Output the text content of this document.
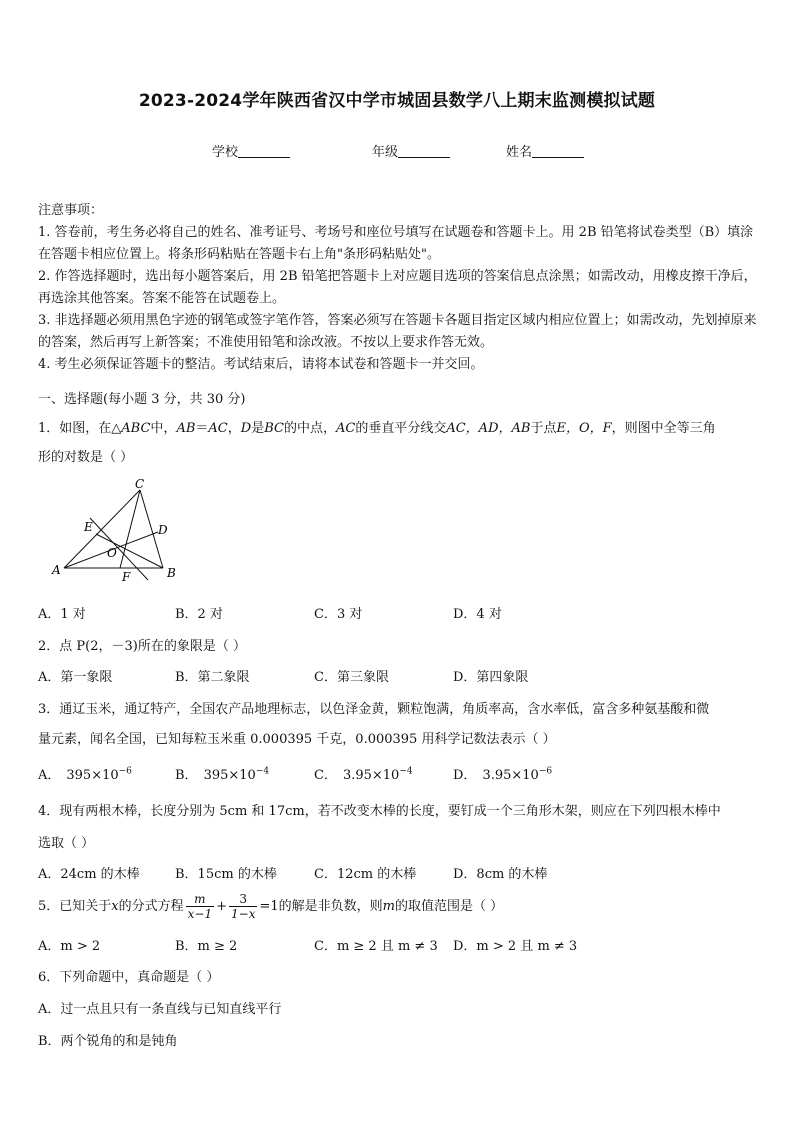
2023-2024学年陕西省汉中学市城固县数学八上期末监测模拟试题
学校	年级	姓名
注意事项：
1. 答卷前，考生务必将自己的姓名、准考证号、考场号和座位号填写在试题卷和答题卡上。用 2B 铅笔将试卷类型（B）填涂在答题卡相应位置上。将条形码粘贴在答题卡右上角"条形码粘贴处"。
2. 作答选择题时，选出每小题答案后，用 2B 铅笔把答题卡上对应题目选项的答案信息点涂黑；如需改动，用橡皮擦干净后，再选涂其他答案。答案不能答在试题卷上。
3. 非选择题必须用黑色字迹的钢笔或签字笔作答，答案必须写在答题卡各题目指定区域内相应位置上；如需改动，先划掉原来的答案，然后再写上新答案；不准使用铅笔和涂改液。不按以上要求作答无效。
4. 考生必须保证答题卡的整洁。考试结束后，请将本试卷和答题卡一并交回。
一、选择题(每小题 3 分，共 30 分)
1．如图，在△ABC中，AB＝AC，D是BC的中点，AC的垂直平分线交AC，AD，AB于点E，O，F，则图中全等三角
形的对数是（ ）
C
E	D
O
A	F	B
A．1 对	B．2 对	C．3 对	D．4 对
2．点 P(2，－3)所在的象限是（ ）
A．第一象限	B．第二象限	C．第三象限	D．第四象限
3．通辽玉米，通辽特产，全国农产品地理标志，以色泽金黄，颗粒饱满，角质率高，含水率低，富含多种氨基酸和微
量元素，闻名全国，已知每粒玉米重 0.000395 千克，0.000395 用科学记数法表示（ ）
A． $395\times 10^{-6}$	B． $395\times 10^{-4}$	C． $3.95\times 10^{-4}$	D． $3.95\times 10^{-6}$
4．现有两根木棒，长度分别为 5cm 和 17cm，若不改变木棒的长度，要钉成一个三角形木架，则应在下列四根木棒中
选取（ ）
A．24cm 的木棒	B．15cm 的木棒	C．12cm 的木棒	D．8cm 的木棒
5．已知关于x的分式方程 $\frac{m}{x-1} + \frac{3}{1-x} =1$的解是非负数，则m的取值范围是（ ）
A．m > 2	B．m ≥ 2	C．m ≥ 2 且 m ≠ 3 D．m > 2 且 m ≠ 3
6．下列命题中，真命题是（ ）
A．过一点且只有一条直线与已知直线平行
B．两个锐角的和是钝角
